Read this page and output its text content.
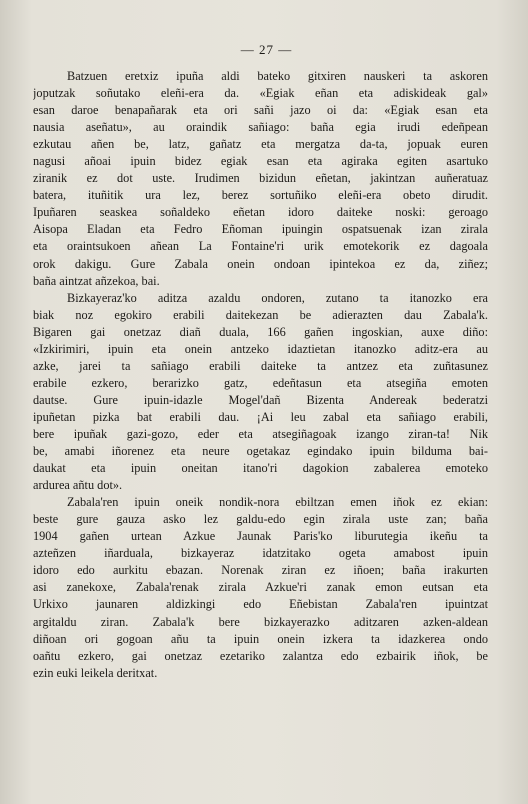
— 27 —
Batzuen eretxiz ipuña aldi bateko gitxiren nauskeri ta askoren
joputzak soñutako eleñi-era da. «Egiak eñan eta adiskideak gal»
esan daroe benapañarak eta ori sañi jazo oi da: «Egiak esan eta
nausia aseñatu», au oraindik sañiago: baña egia irudi edeñpean
ezkutau añen be, latz, gañatz eta mergatza da-ta, jopuak euren
nagusi añoai ipuin bidez egiak esan eta agiraka egiten asartuko
ziranik ez dot uste. Irudimen bizidun eñetan, jakintzan auñeratuaz
batera, ituñitik ura lez, berez sortuñiko eleñi-era obeto dirudit.
Ipuñaren seaskea soñaldeko eñetan idoro daiteke noski: geroago
Aisopa Eladan eta Fedro Eñoman ipuingin ospatsuenak izan zirala
eta oraintsukoen añean La Fontaine'ri urik emotekorik ez dagoala
orok dakigu. Gure Zabala onein ondoan ipintekoa ez da, ziñez;
baña aintzat añzekoa, bai.
Bizkayeraz'ko aditza azaldu ondoren, zutano ta itanozko era
biak noz egokiro erabili daitekezan be adierazten dau Zabala'k.
Bigaren gai onetzaz diañ duala, 166 gañen ingoskian, auxe diño:
«Izkirimiri, ipuin eta onein antzeko idaztietan itanozko aditz-era au
azke, jarei ta sañiago erabili daiteke ta antzez eta zuñtasunez
erabile ezkero, berarizko gatz, edeñtasun eta atsegiña emoten
dautse. Gure ipuin-idazle Mogel'dañ Bizenta Andereak bederatzi
ipuñetan pizka bat erabili dau. ¡Ai leu zabal eta sañiago erabili,
bere ipuñak gazi-gozo, eder eta atsegiñagoak izango ziran-ta! Nik
be, amabi iñorenez eta neure ogetakaz egindako ipuin bilduma bai-
daukat eta ipuin oneitan itano'ri dagokion zabalerea emoteko
ardurea añtu dot».
Zabala'ren ipuin oneik nondik-nora ebiltzan emen iñok ez ekian:
beste gure gauza asko lez galdu-edo egin zirala uste zan; baña
1904 gañen urtean Azkue Jaunak Paris'ko liburutegia ikeñu ta
azteñzen iñarduala, bizkayeraz idatzitako ogeta amabost ipuin
idoro edo aurkitu ebazan. Norenak ziran ez iñoen; baña irakurten
asi zanekoxe, Zabala'renak zirala Azkue'ri zanak emon eutsan eta
Urkixo jaunaren aldizkingi edo Eñebistan Zabala'ren ipuintzat
argitaldu ziran. Zabala'k bere bizkayerazko aditzaren azken-aldean
diñoan ori gogoan añu ta ipuin onein izkera ta idazkerea ondo
oañtu ezkero, gai onetzaz ezetariko zalantza edo ezbairik iñok, be
ezin euki leikela deritxat.
